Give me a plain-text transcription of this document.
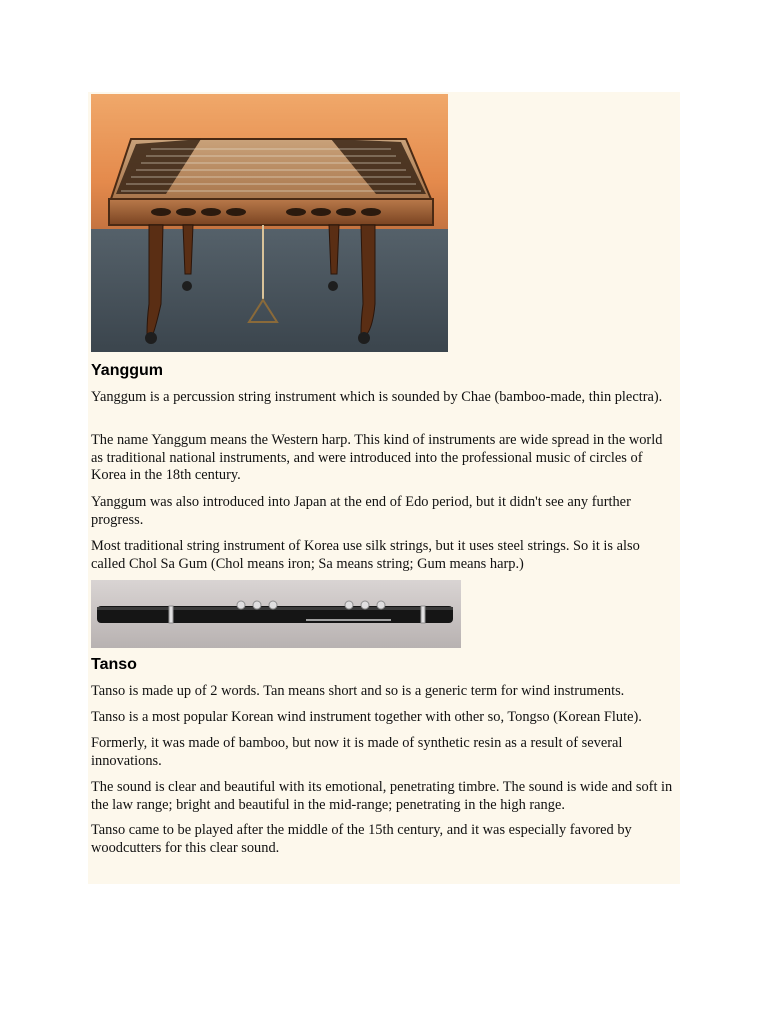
Yanggum

Yanggum is a percussion string instrument which is sounded by Chae (bamboo-made, thin plectra).

The name Yanggum means the Western harp. This kind of instruments are wide spread in the world as traditional national instruments, and were introduced into the professional music of circles of Korea in the 18th century.

Yanggum was also introduced into Japan at the end of Edo period, but it didn't see any further progress.

Most traditional string instrument of Korea use silk strings, but it uses steel strings. So it is also called Chol Sa Gum (Chol means iron; Sa means string; Gum means harp.)

Tanso

Tanso is made up of 2 words. Tan means short and so is a generic term for wind instruments.

Tanso is a most popular Korean wind instrument together with other so, Tongso (Korean Flute).

Formerly, it was made of bamboo, but now it is made of synthetic resin as a result of several innovations.

The sound is clear and beautiful with its emotional, penetrating timbre. The sound is wide and soft in the law range; bright and beautiful in the mid-range; penetrating in the high range.

Tanso came to be played after the middle of the 15th century, and it was especially favored by woodcutters for this clear sound.
